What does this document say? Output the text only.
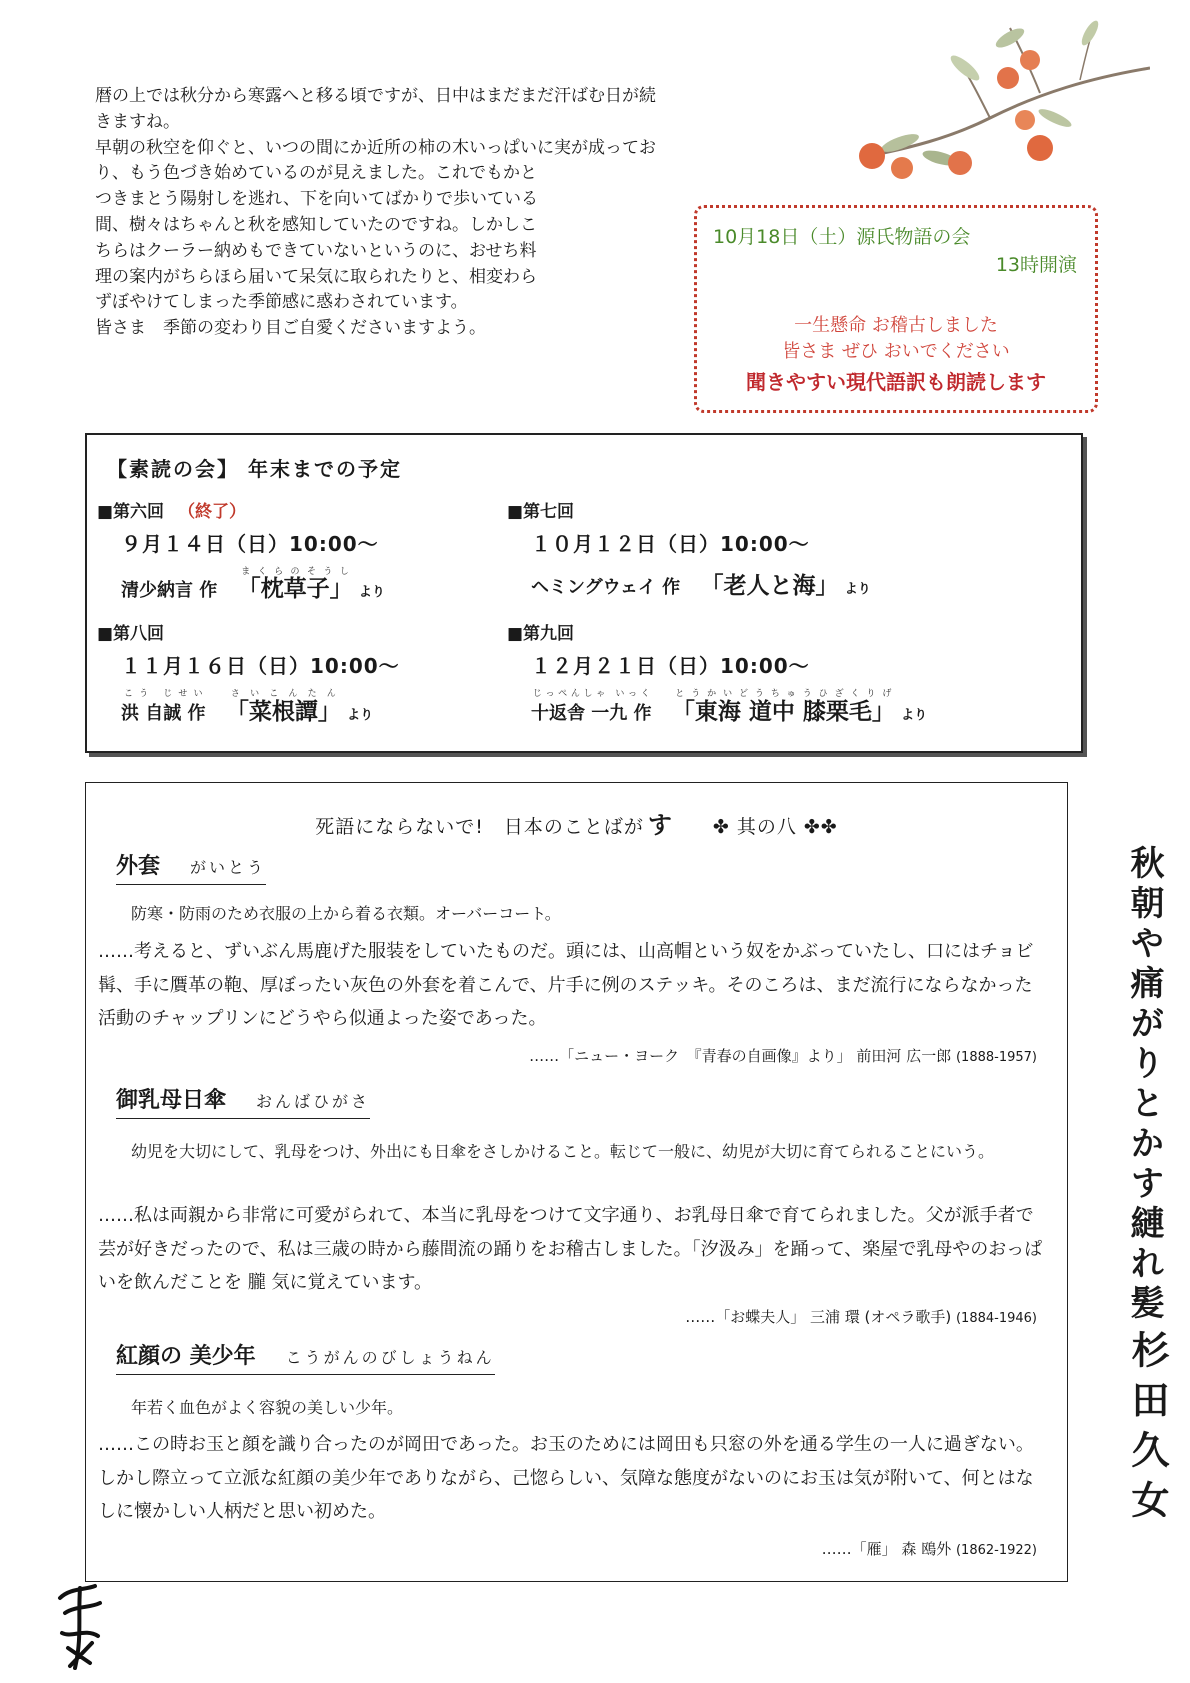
暦の上では秋分から寒露へと移る頃ですが、日中はまだまだ汗ばむ日が続

きますね。

早朝の秋空を仰ぐと、いつの間にか近所の柿の木いっぱいに実が成ってお

り、もう色づき始めているのが見えました。これでもかと

つきまとう陽射しを逃れ、下を向いてばかりで歩いている

間、樹々はちゃんと秋を感知していたのですね。しかしこ

ちらはクーラー納めもできていないというのに、おせち料

理の案内がちらほら届いて呆気に取られたりと、相変わら

ずぼやけてしまった季節感に惑わされています。

皆さま　季節の変わり目ご自愛くださいますよう。

10月18日（土）源氏物語の会
13時開演
一生懸命 お稽古しました
皆さま ぜひ おいでください
聞きやすい現代語訳も朗読します
【素読の会】 年末までの予定
■第六回 （終了）
９月１４日（日）10:00～
清少納言 作 「枕草子」まくらのそうし より
■第七回
１０月１２日（日）10:00～
ヘミングウェイ 作 「老人と海」 より
■第八回
１１月１６日（日）10:00～
洪 自誠 作こう じせい 「菜根譚」さいこんたん より
■第九回
１２月２１日（日）10:00～
十返舎 一九 作じっぺんしゃ いっく 「東海 道中 膝栗毛」とうかいどうちゅうひざくりげ より
死語にならないで!　日本のことばが す ✤ 其の八 ✤✤
外套 がいとう
防寒・防雨のため衣服の上から着る衣類。オーバーコート。
……考えると、ずいぶん馬鹿げた服装をしていたものだ。頭には、山高帽という奴をかぶっていたし、口にはチョビ髯、手に贋革の鞄、厚ぼったい灰色の外套を着こんで、片手に例のステッキ。そのころは、まだ流行にならなかった活動のチャップリンにどうやら似通よった姿であった。
……「ニュー・ヨーク　『青春の自画像』より」 前田河 広一郎 (1888-1957)
御乳母日傘 おんばひがさ
幼児を大切にして、乳母をつけ、外出にも日傘をさしかけること。転じて一般に、幼児が大切に育てられることにいう。
……私は両親から非常に可愛がられて、本当に乳母をつけて文字通り、お乳母日傘で育てられました。父が派手者で芸が好きだったので、私は三歳の時から藤間流の踊りをお稽古しました。「汐汲み」を踊って、楽屋で乳母やのおっぱいを飲んだことを 朧 気に覚えています。
……「お蝶夫人」 三浦 環 (オペラ歌手) (1884-1946)
紅顔の 美少年 こうがんのびしょうねん
年若く血色がよく容貌の美しい少年。
……この時お玉と顔を識り合ったのが岡田であった。お玉のためには岡田も只窓の外を通る学生の一人に過ぎない。しかし際立って立派な紅顔の美少年でありながら、己惚らしい、気障な態度がないのにお玉は気が附いて、何とはなしに懐かしい人柄だと思い初めた。
……「雁」 森 鴎外 (1862-1922)
秋朝や痛がりとかす縺れ髪
杉田久女
